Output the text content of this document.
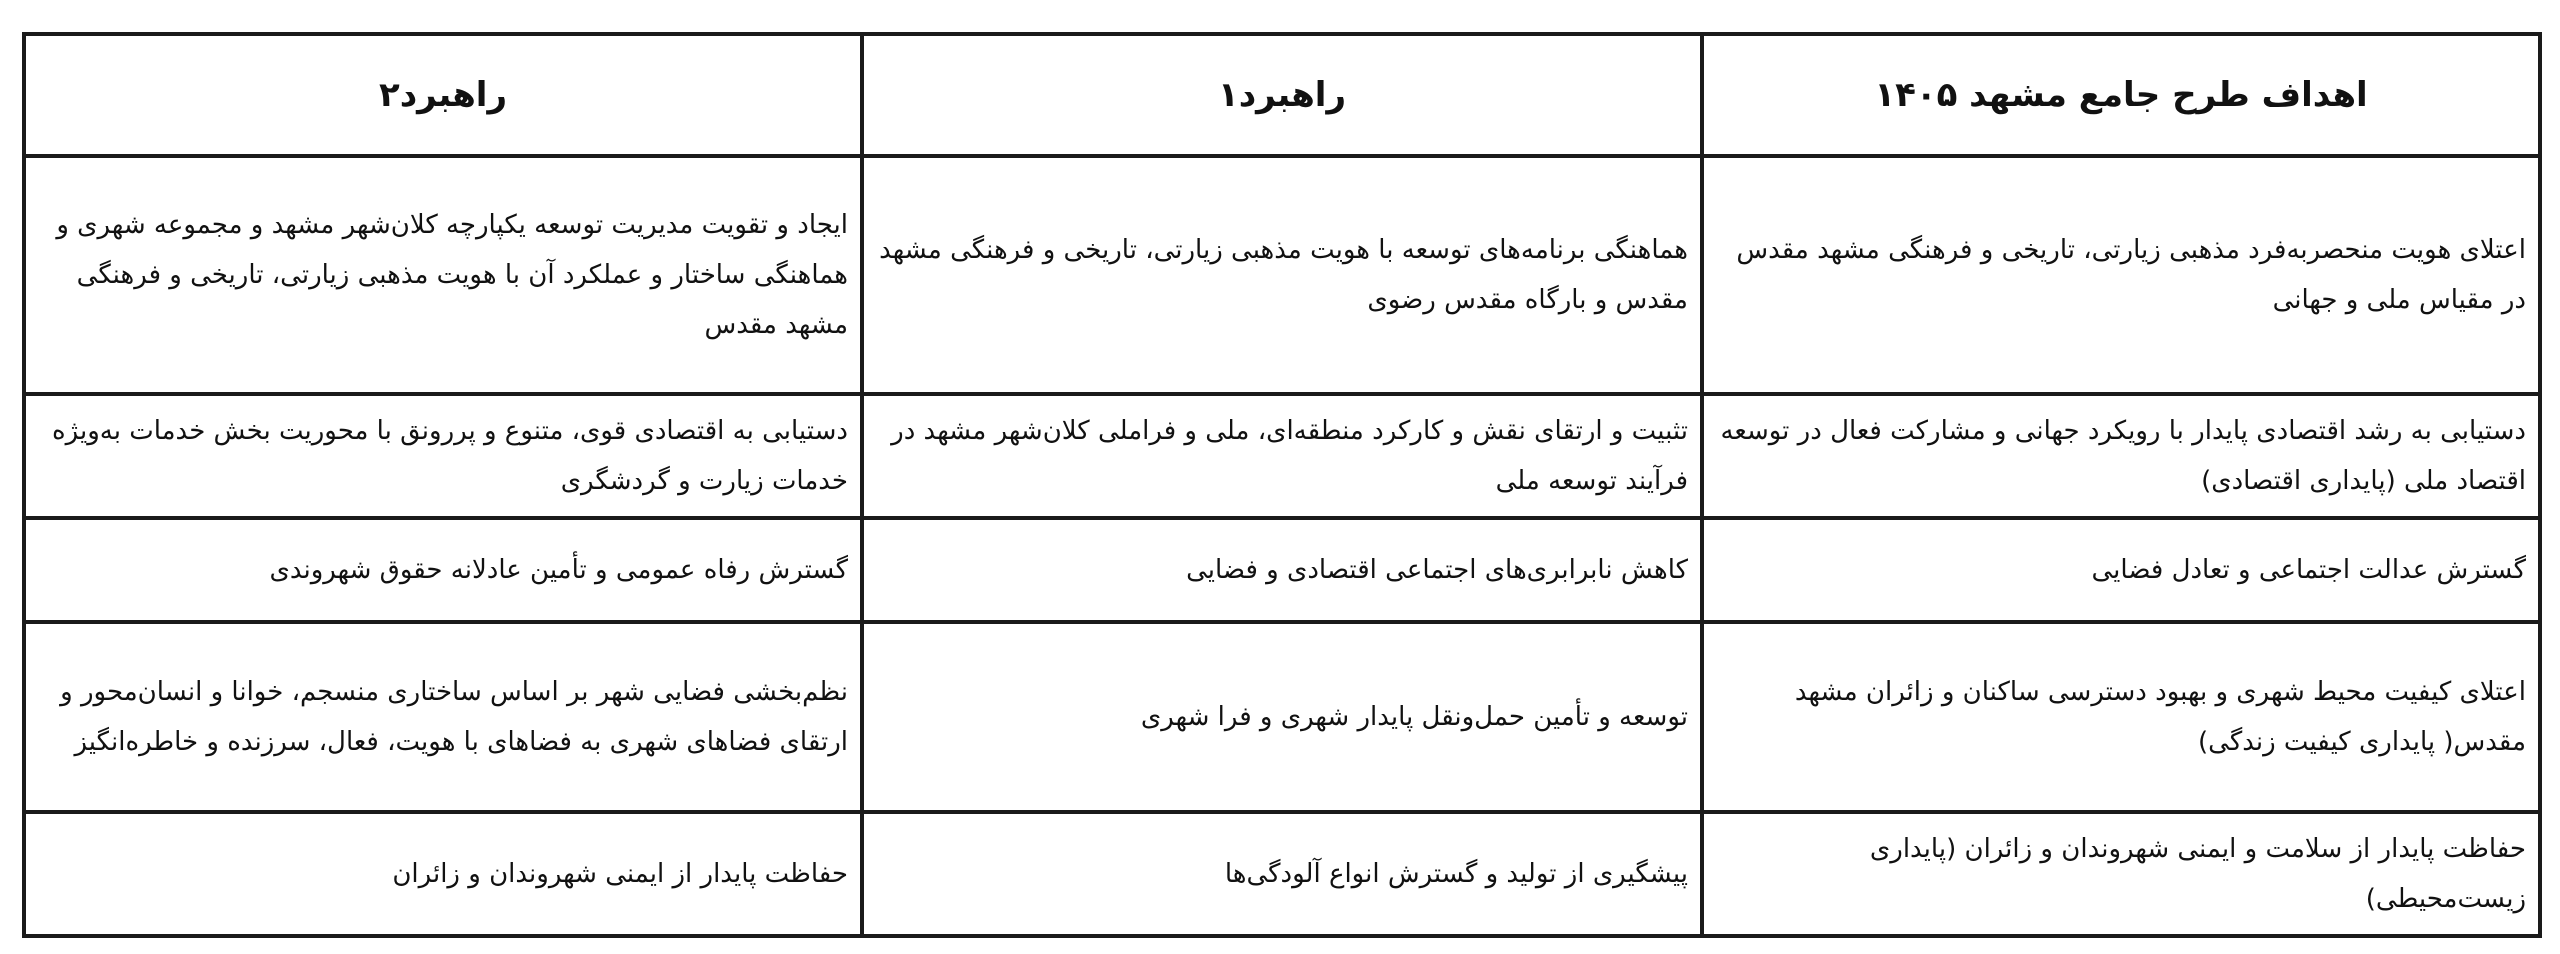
اهداف طرح جامع مشهد ۱۴۰۵	راهبرد۱	راهبرد۲
اعتلای هویت منحصربه‌فرد مذهبی زیارتی، تاریخی و فرهنگی مشهد مقدس در مقیاس ملی و جهانی	هماهنگی برنامه‌های توسعه با هویت مذهبی زیارتی، تاریخی و فرهنگی مشهد مقدس و بارگاه مقدس رضوی	ایجاد و تقویت مدیریت توسعه یکپارچه کلان‌شهر مشهد و مجموعه شهری و هماهنگی ساختار و عملکرد آن با هویت مذهبی زیارتی، تاریخی و فرهنگی مشهد مقدس
دستیابی به رشد اقتصادی پایدار با رویکرد جهانی و مشارکت فعال در توسعه اقتصاد ملی (پایداری اقتصادی)	تثبیت و ارتقای نقش و کارکرد منطقه‌ای، ملی و فراملی کلان‌شهر مشهد در فرآیند توسعه ملی	دستیابی به اقتصادی قوی، متنوع و پررونق با محوریت بخش خدمات به‌ویژه خدمات زیارت و گردشگری
گسترش عدالت اجتماعی و تعادل فضایی	کاهش نابرابری‌های اجتماعی اقتصادی و فضایی	گسترش رفاه عمومی و تأمین عادلانه حقوق شهروندی
اعتلای کیفیت محیط شهری و بهبود دسترسی ساکنان و زائران مشهد مقدس( پایداری کیفیت زندگی)	توسعه و تأمین حمل‌ونقل پایدار شهری و فرا شهری	نظم‌بخشی فضایی شهر بر اساس ساختاری منسجم، خوانا و انسان‌محور و ارتقای فضاهای شهری به فضاهای با هویت، فعال، سرزنده و خاطره‌انگیز
حفاظت پایدار از سلامت و ایمنی شهروندان و زائران (پایداری زیست‌محیطی)	پیشگیری از تولید و گسترش انواع آلودگی‌ها	حفاظت پایدار از ایمنی شهروندان و زائران
